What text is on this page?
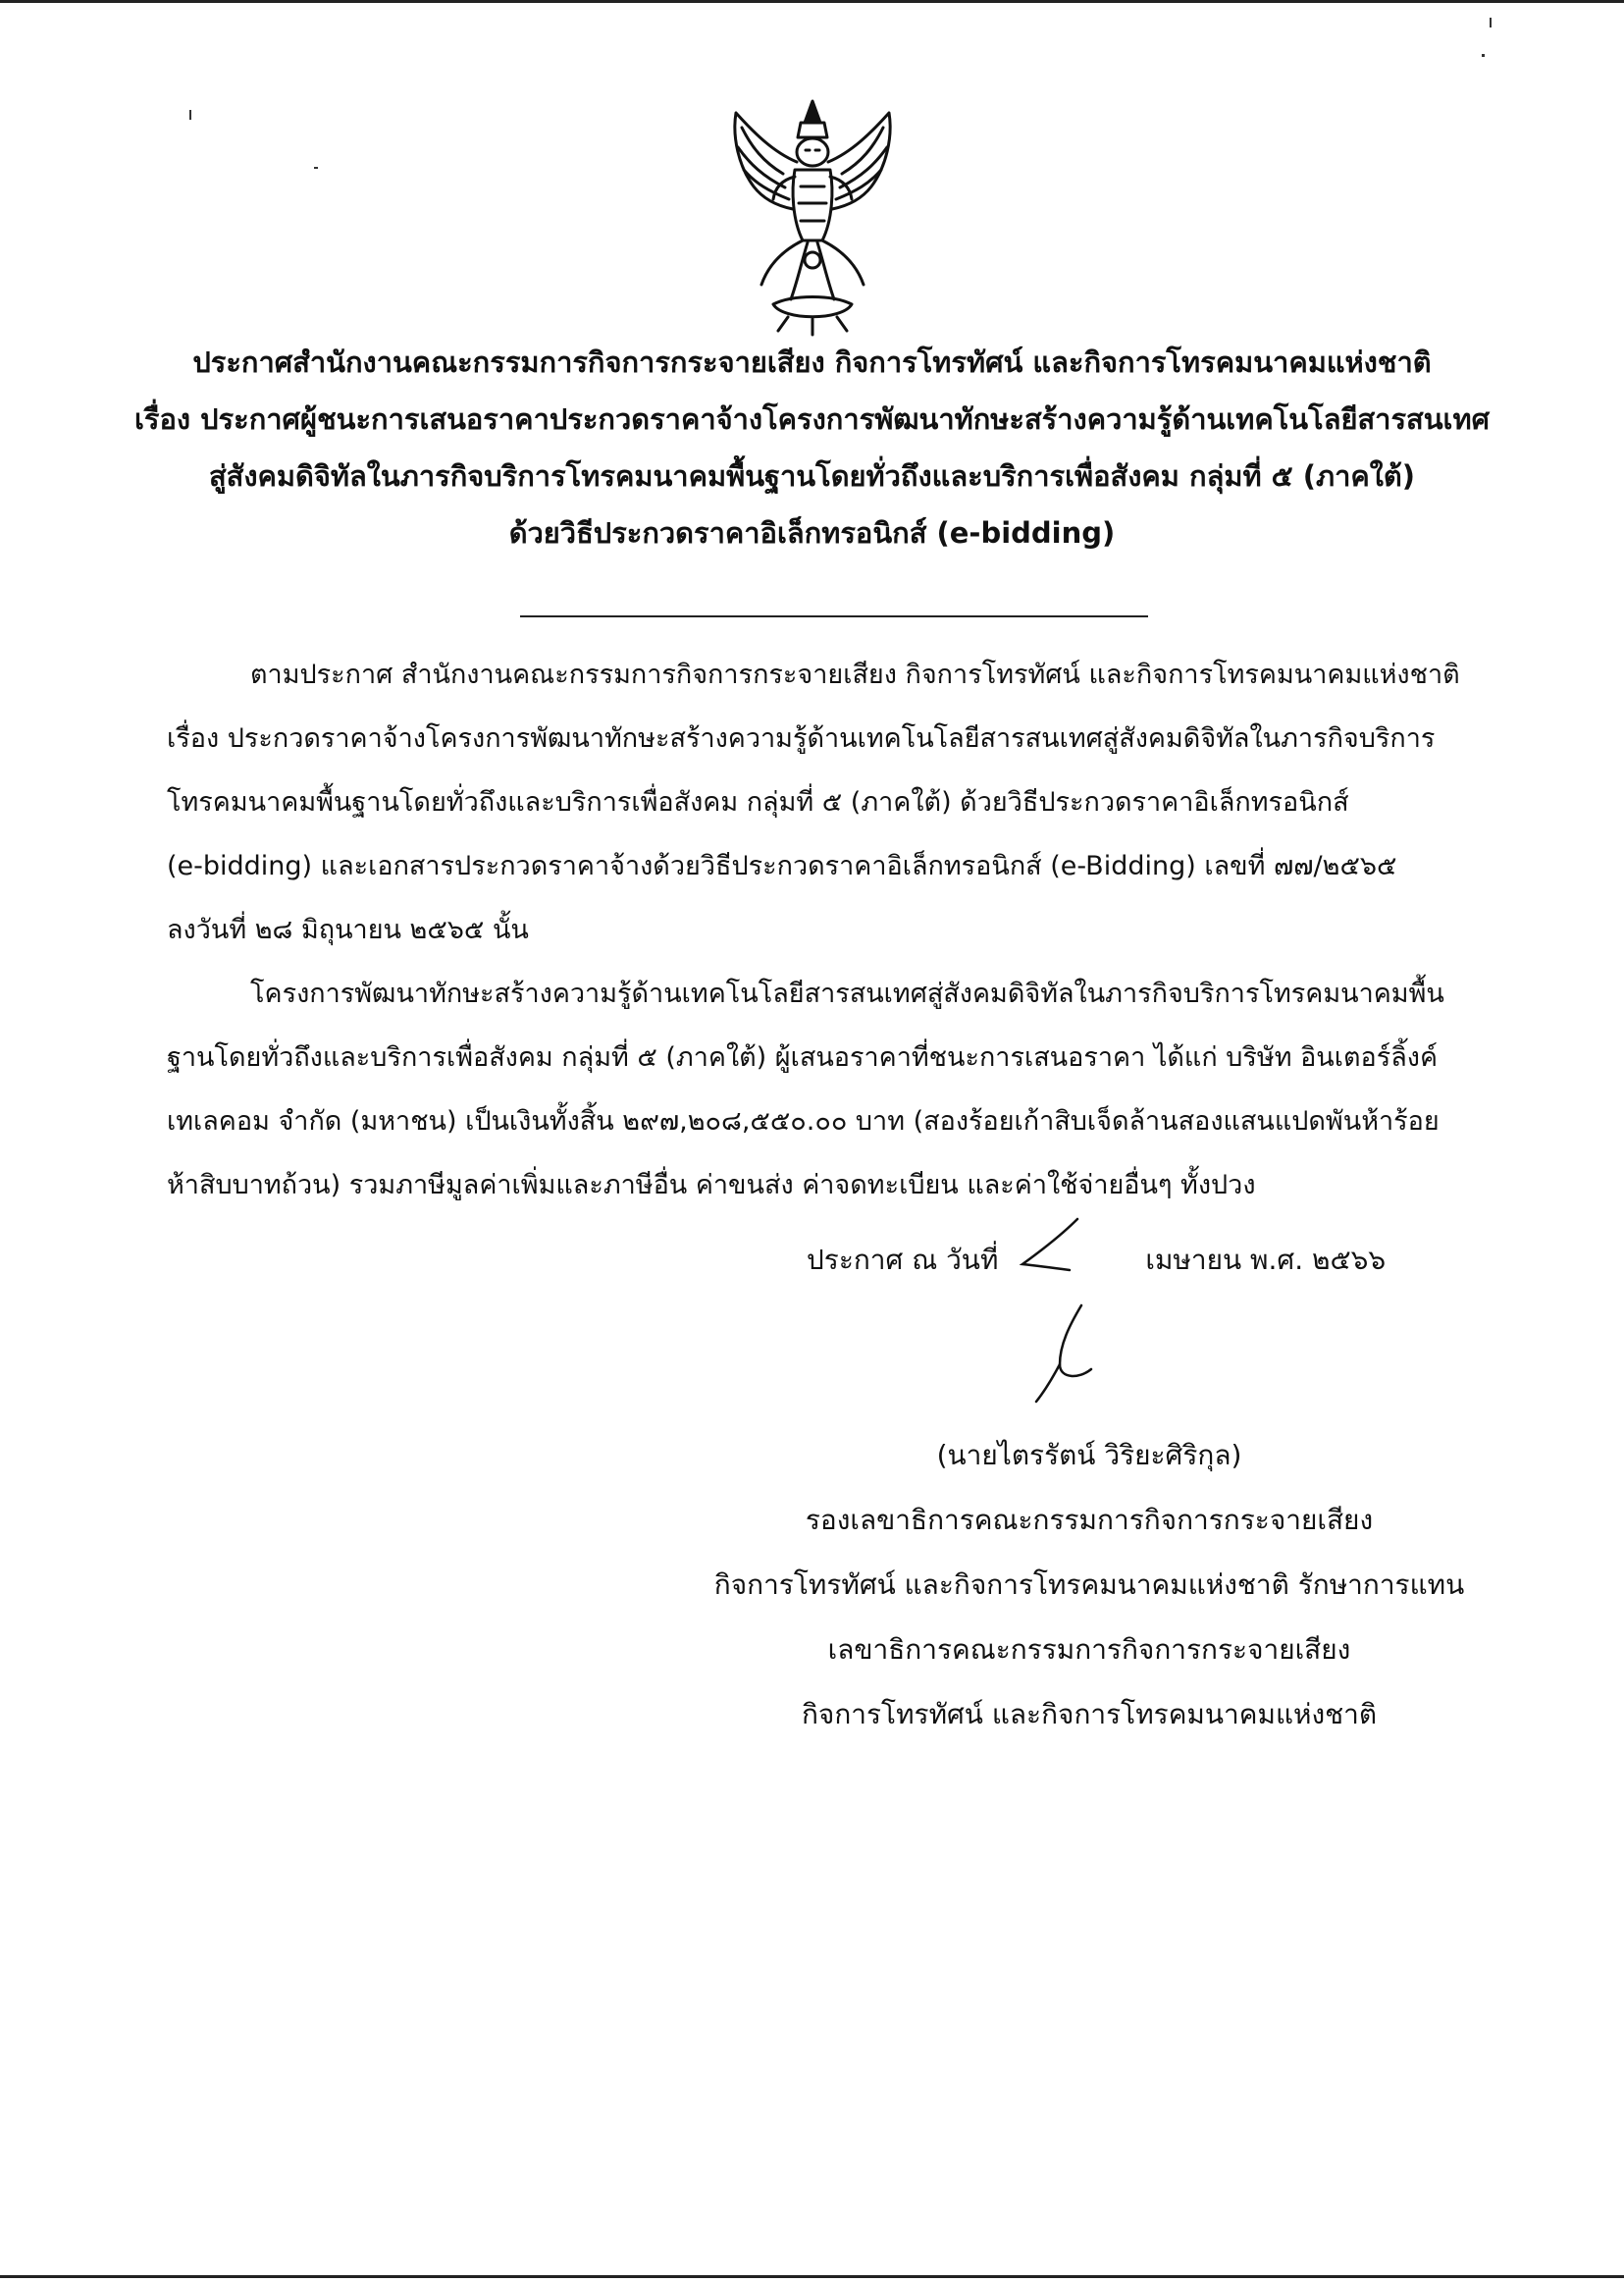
ประกาศสำนักงานคณะกรรมการกิจการกระจายเสียง กิจการโทรทัศน์ และกิจการโทรคมนาคมแห่งชาติ
เรื่อง ประกาศผู้ชนะการเสนอราคาประกวดราคาจ้างโครงการพัฒนาทักษะสร้างความรู้ด้านเทคโนโลยีสารสนเทศ
สู่สังคมดิจิทัลในภารกิจบริการโทรคมนาคมพื้นฐานโดยทั่วถึงและบริการเพื่อสังคม กลุ่มที่ ๕ (ภาคใต้)
ด้วยวิธีประกวดราคาอิเล็กทรอนิกส์ (e-bidding)

ตามประกาศ สำนักงานคณะกรรมการกิจการกระจายเสียง กิจการโทรทัศน์ และกิจการโทรคมนาคมแห่งชาติ

เรื่อง ประกวดราคาจ้างโครงการพัฒนาทักษะสร้างความรู้ด้านเทคโนโลยีสารสนเทศสู่สังคมดิจิทัลในภารกิจบริการ

โทรคมนาคมพื้นฐานโดยทั่วถึงและบริการเพื่อสังคม กลุ่มที่ ๕ (ภาคใต้) ด้วยวิธีประกวดราคาอิเล็กทรอนิกส์

(e-bidding) และเอกสารประกวดราคาจ้างด้วยวิธีประกวดราคาอิเล็กทรอนิกส์ (e-Bidding) เลขที่ ๗๗/๒๕๖๕

ลงวันที่ ๒๘ มิถุนายน ๒๕๖๕ นั้น

โครงการพัฒนาทักษะสร้างความรู้ด้านเทคโนโลยีสารสนเทศสู่สังคมดิจิทัลในภารกิจบริการโทรคมนาคมพื้น

ฐานโดยทั่วถึงและบริการเพื่อสังคม กลุ่มที่ ๕ (ภาคใต้) ผู้เสนอราคาที่ชนะการเสนอราคา ได้แก่ บริษัท อินเตอร์ลิ้งค์

เทเลคอม จำกัด (มหาชน) เป็นเงินทั้งสิ้น ๒๙๗,๒๐๘,๕๕๐.๐๐ บาท (สองร้อยเก้าสิบเจ็ดล้านสองแสนแปดพันห้าร้อย

ห้าสิบบาทถ้วน) รวมภาษีมูลค่าเพิ่มและภาษีอื่น ค่าขนส่ง ค่าจดทะเบียน และค่าใช้จ่ายอื่นๆ ทั้งปวง

ประกาศ ณ วันที่	เมษายน พ.ศ. ๒๕๖๖
(นายไตรรัตน์ วิริยะศิริกุล)
รองเลขาธิการคณะกรรมการกิจการกระจายเสียง
กิจการโทรทัศน์ และกิจการโทรคมนาคมแห่งชาติ รักษาการแทน
เลขาธิการคณะกรรมการกิจการกระจายเสียง
กิจการโทรทัศน์ และกิจการโทรคมนาคมแห่งชาติ
